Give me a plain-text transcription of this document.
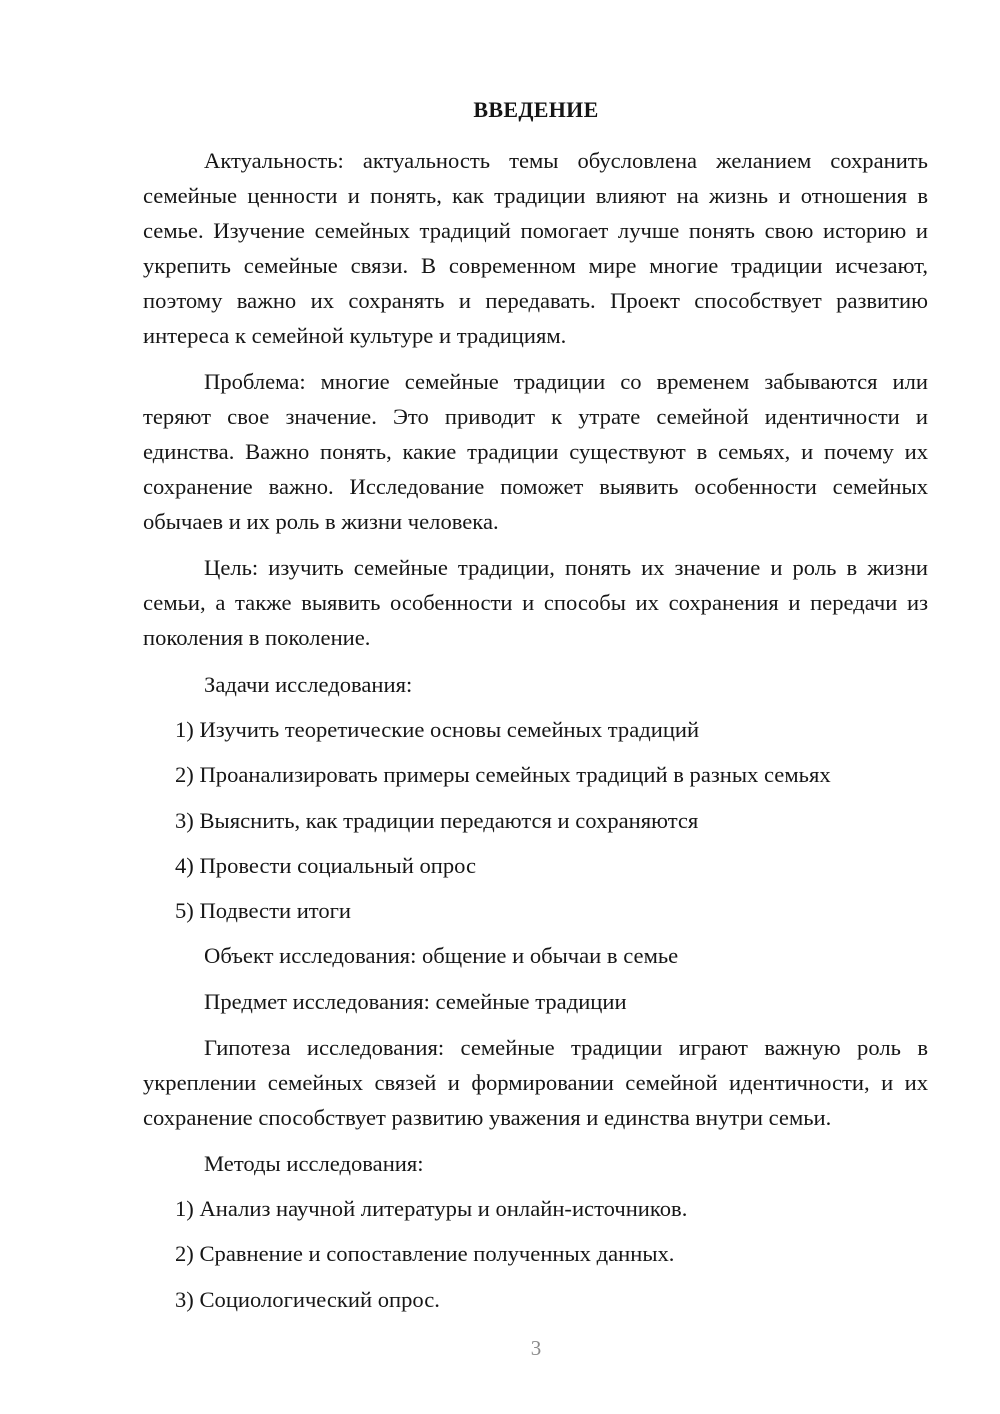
ВВЕДЕНИЕ

Актуальность: актуальность темы обусловлена желанием сохранить семейные ценности и понять, как традиции влияют на жизнь и отношения в семье. Изучение семейных традиций помогает лучше понять свою историю и укрепить семейные связи. В современном мире многие традиции исчезают, поэтому важно их сохранять и передавать. Проект способствует развитию интереса к семейной культуре и традициям.

Проблема: многие семейные традиции со временем забываются или теряют свое значение. Это приводит к утрате семейной идентичности и единства. Важно понять, какие традиции существуют в семьях, и почему их сохранение важно. Исследование поможет выявить особенности семейных обычаев и их роль в жизни человека.

Цель: изучить семейные традиции, понять их значение и роль в жизни семьи, а также выявить особенности и способы их сохранения и передачи из поколения в поколение.

Задачи исследования:

1) Изучить теоретические основы семейных традиций

2) Проанализировать примеры семейных традиций в разных семьях

3) Выяснить, как традиции передаются и сохраняются

4) Провести социальный опрос

5) Подвести итоги

Объект исследования: общение и обычаи в семье

Предмет исследования: семейные традиции

Гипотеза исследования: семейные традиции играют важную роль в укреплении семейных связей и формировании семейной идентичности, и их сохранение способствует развитию уважения и единства внутри семьи.

Методы исследования:

1) Анализ научной литературы и онлайн-источников.

2) Сравнение и сопоставление полученных данных.

3) Социологический опрос.

3
